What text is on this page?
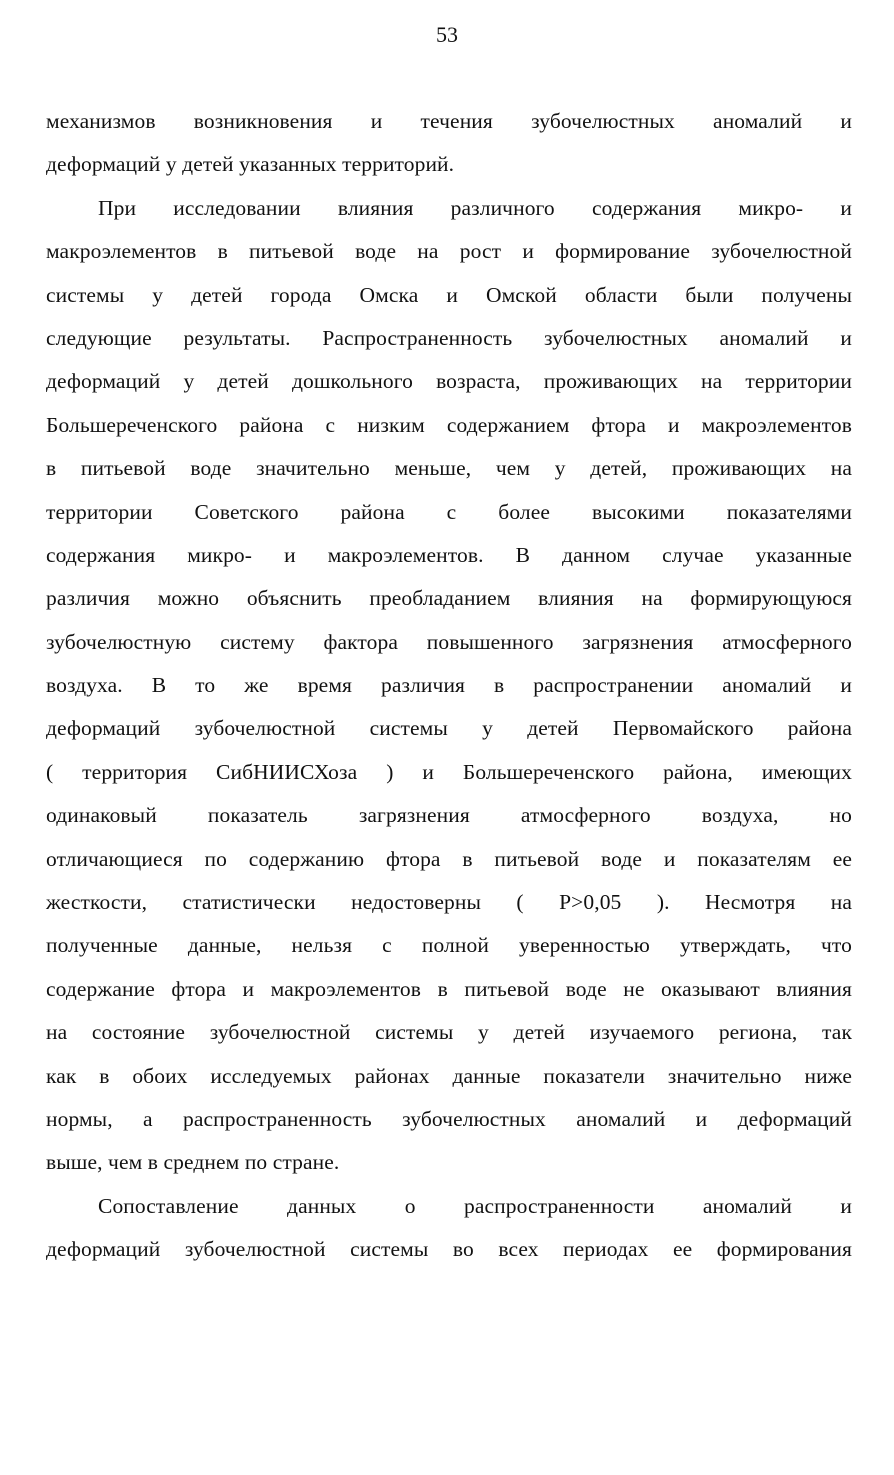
53
механизмов возникновения и течения зубочелюстных аномалий и
деформаций у детей указанных территорий.
При исследовании влияния различного содержания микро- и
макроэлементов в питьевой воде на рост и формирование зубочелюстной
системы у детей города Омска и Омской области были получены
следующие результаты. Распространенность зубочелюстных аномалий и
деформаций у детей дошкольного возраста, проживающих на территории
Большереченского района с низким содержанием фтора и макроэлементов
в питьевой воде значительно меньше, чем у детей, проживающих на
территории Советского района с более высокими показателями
содержания микро- и макроэлементов. В данном случае указанные
различия можно объяснить преобладанием влияния на формирующуюся
зубочелюстную систему фактора повышенного загрязнения атмосферного
воздуха. В то же время различия в распространении аномалий и
деформаций зубочелюстной системы у детей Первомайского района
( территория СибНИИСХоза ) и Большереченского района, имеющих
одинаковый показатель загрязнения атмосферного воздуха, но
отличающиеся по содержанию фтора в питьевой воде и показателям ее
жесткости, статистически недостоверны ( Р>0,05 ). Несмотря на
полученные данные, нельзя с полной уверенностью утверждать, что
содержание фтора и макроэлементов в питьевой воде не оказывают влияния
на состояние зубочелюстной системы у детей изучаемого региона, так
как в обоих исследуемых районах данные показатели значительно ниже
нормы, а распространенность зубочелюстных аномалий и деформаций
выше, чем в среднем по стране.
Сопоставление данных о распространенности аномалий и
деформаций зубочелюстной системы во всех периодах ее формирования
